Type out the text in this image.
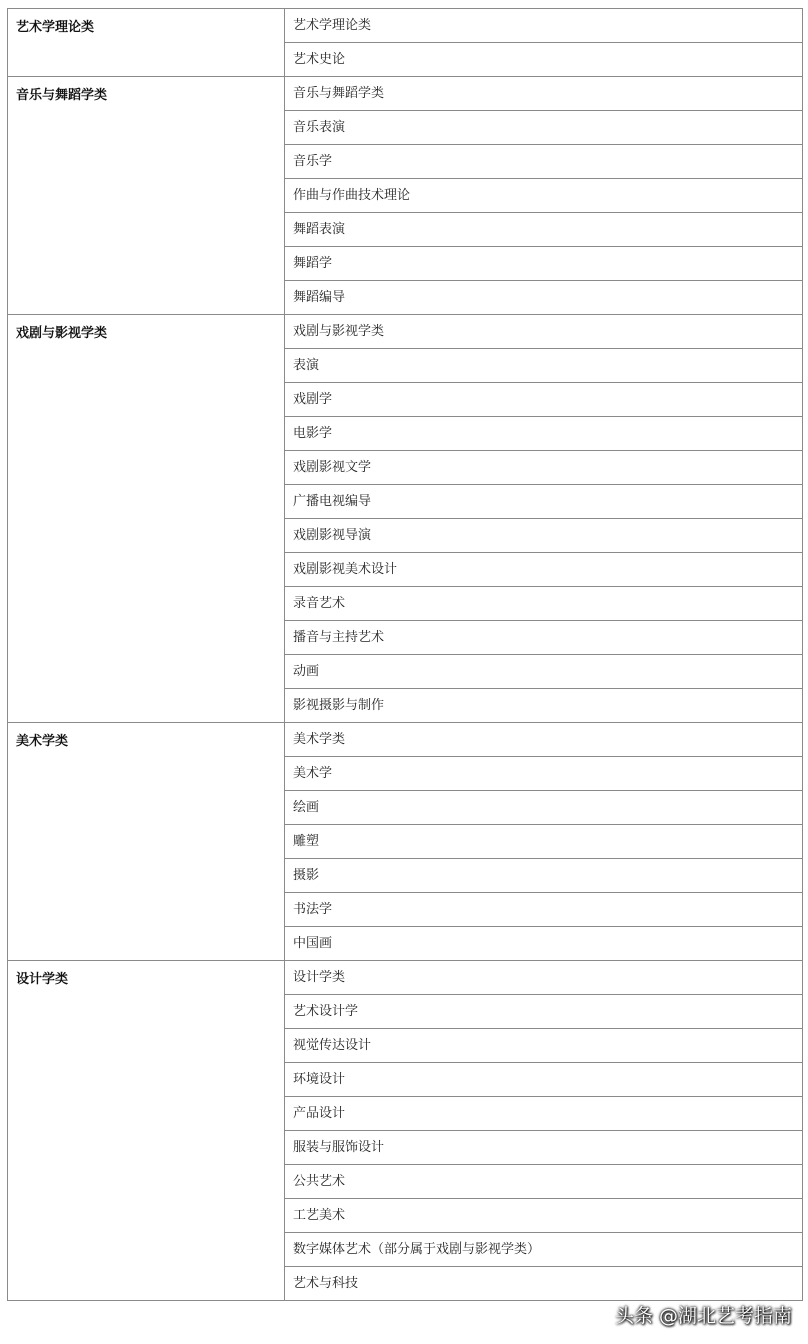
艺术学理论类	艺术学理论类
	艺术史论
音乐与舞蹈学类	音乐与舞蹈学类
	音乐表演
	音乐学
	作曲与作曲技术理论
	舞蹈表演
	舞蹈学
	舞蹈编导
戏剧与影视学类	戏剧与影视学类
	表演
	戏剧学
	电影学
	戏剧影视文学
	广播电视编导
	戏剧影视导演
	戏剧影视美术设计
	录音艺术
	播音与主持艺术
	动画
	影视摄影与制作
美术学类	美术学类
	美术学
	绘画
	雕塑
	摄影
	书法学
	中国画
设计学类	设计学类
	艺术设计学
	视觉传达设计
	环境设计
	产品设计
	服装与服饰设计
	公共艺术
	工艺美术
	数字媒体艺术（部分属于戏剧与影视学类）
	艺术与科技
头条 @湖北艺考指南
